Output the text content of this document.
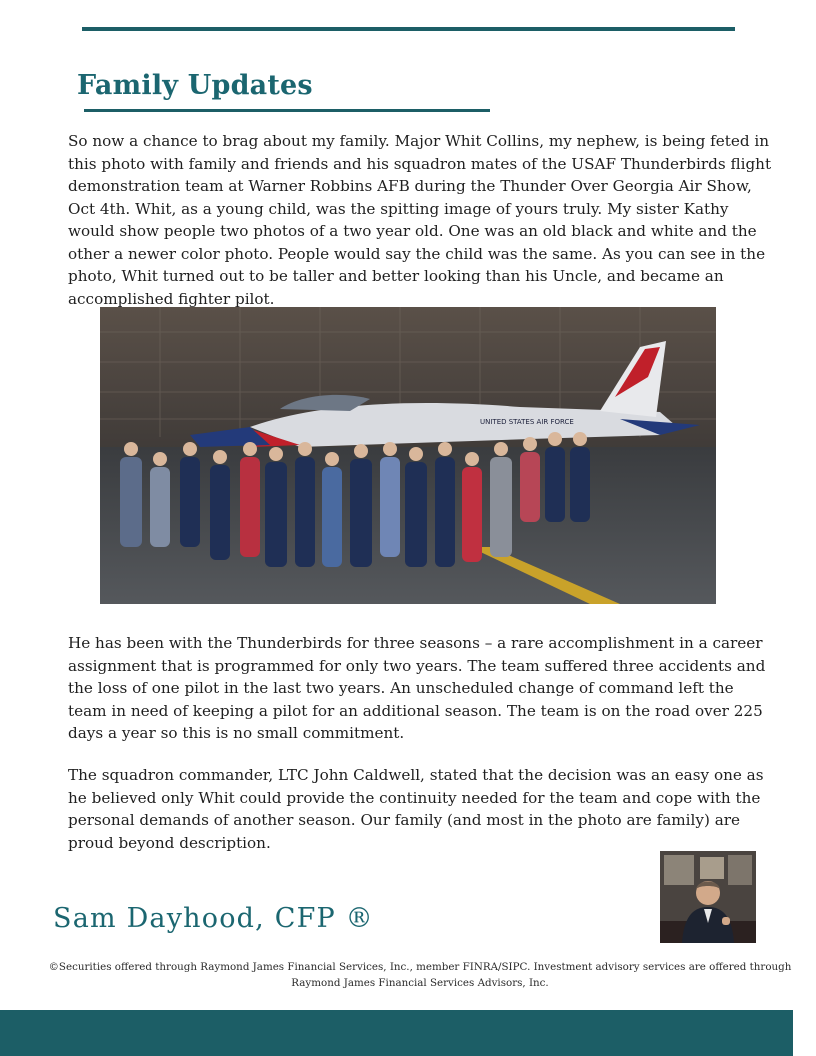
Family Updates

So now a chance to brag about my family. Major Whit Collins, my nephew, is being feted in this photo with family and friends and his squadron mates of the USAF Thunderbirds flight demonstration team at Warner Robbins AFB during the Thunder Over Georgia Air Show, Oct 4th. Whit, as a young child, was the spitting image of yours truly. My sister Kathy would show people two photos of a two year old. One was an old black and white and the other a newer color photo. People would say the child was the same. As you can see in the photo, Whit turned out to be taller and better looking than his Uncle, and became an accomplished fighter pilot.

UNITED STATES AIR FORCE

He has been with the Thunderbirds for three seasons – a rare accomplishment in a career assignment that is programmed for only two years. The team suffered three accidents and the loss of one pilot in the last two years. An unscheduled change of command left the team in need of keeping a pilot for an additional season. The team is on the road over 225 days a year so this is no small commitment.

The squadron commander, LTC John Caldwell, stated that the decision was an easy one as he believed only Whit could provide the continuity needed for the team and cope with the personal demands of another season. Our family (and most in the photo are family) are proud beyond description.

Sam Dayhood, CFP ®

©Securities offered through Raymond James Financial Services, Inc., member FINRA/SIPC. Investment advisory services are offered through Raymond James Financial Services Advisors, Inc.
